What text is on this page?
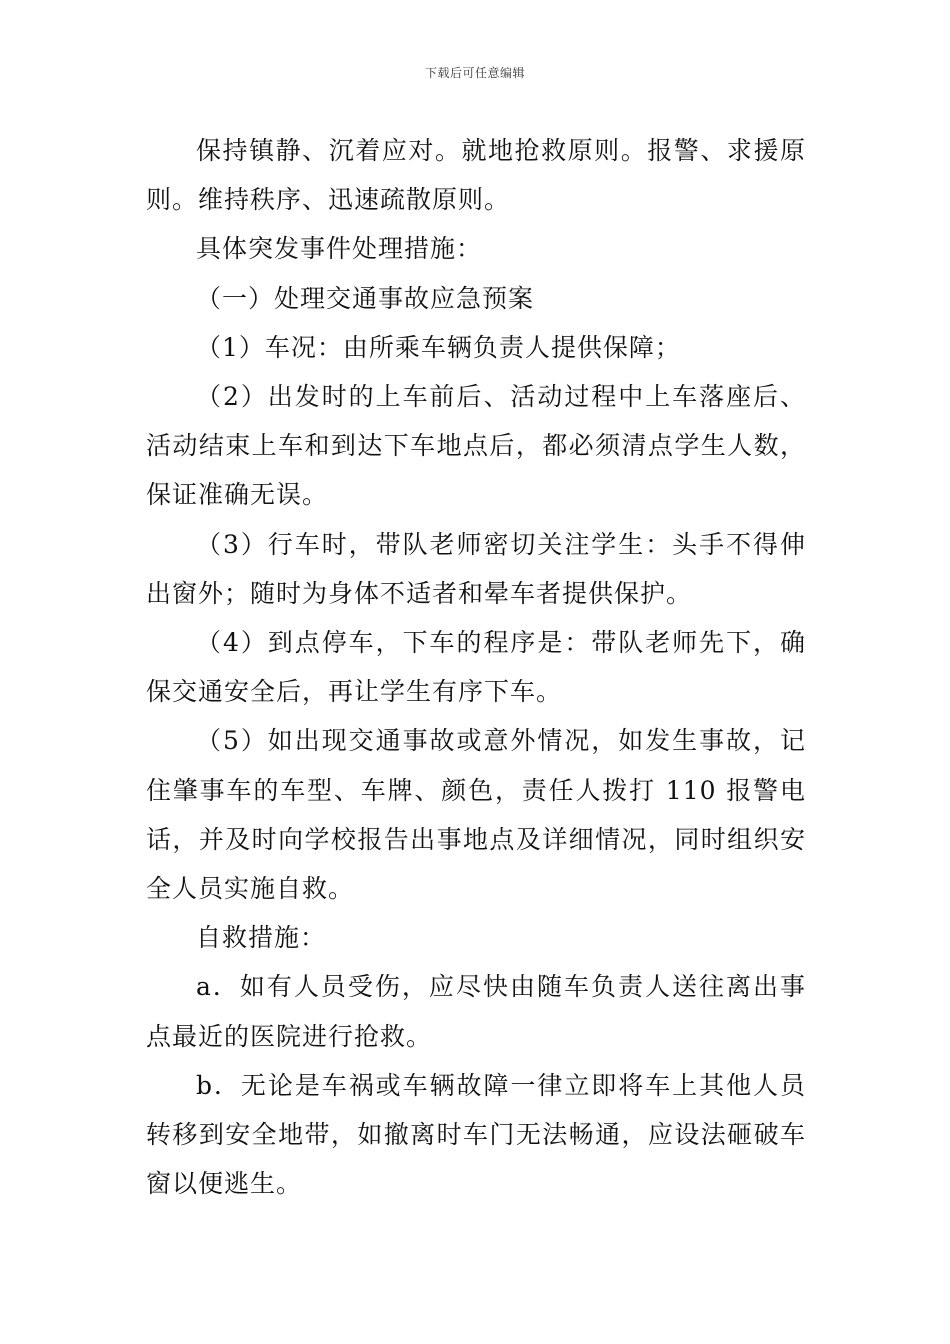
下载后可任意编辑

保持镇静、沉着应对。就地抢救原则。报警、求援原则。维持秩序、迅速疏散原则。

具体突发事件处理措施：

（一）处理交通事故应急预案

（1）车况：由所乘车辆负责人提供保障；

（2）出发时的上车前后、活动过程中上车落座后、活动结束上车和到达下车地点后，都必须清点学生人数，保证准确无误。

（3）行车时，带队老师密切关注学生：头手不得伸出窗外；随时为身体不适者和晕车者提供保护。

（4）到点停车，下车的程序是：带队老师先下，确保交通安全后，再让学生有序下车。

（5）如出现交通事故或意外情况，如发生事故，记住肇事车的车型、车牌、颜色，责任人拨打 110 报警电话，并及时向学校报告出事地点及详细情况，同时组织安全人员实施自救。

自救措施：

a．如有人员受伤，应尽快由随车负责人送往离出事点最近的医院进行抢救。

b．无论是车祸或车辆故障一律立即将车上其他人员转移到安全地带，如撤离时车门无法畅通，应设法砸破车窗以便逃生。
